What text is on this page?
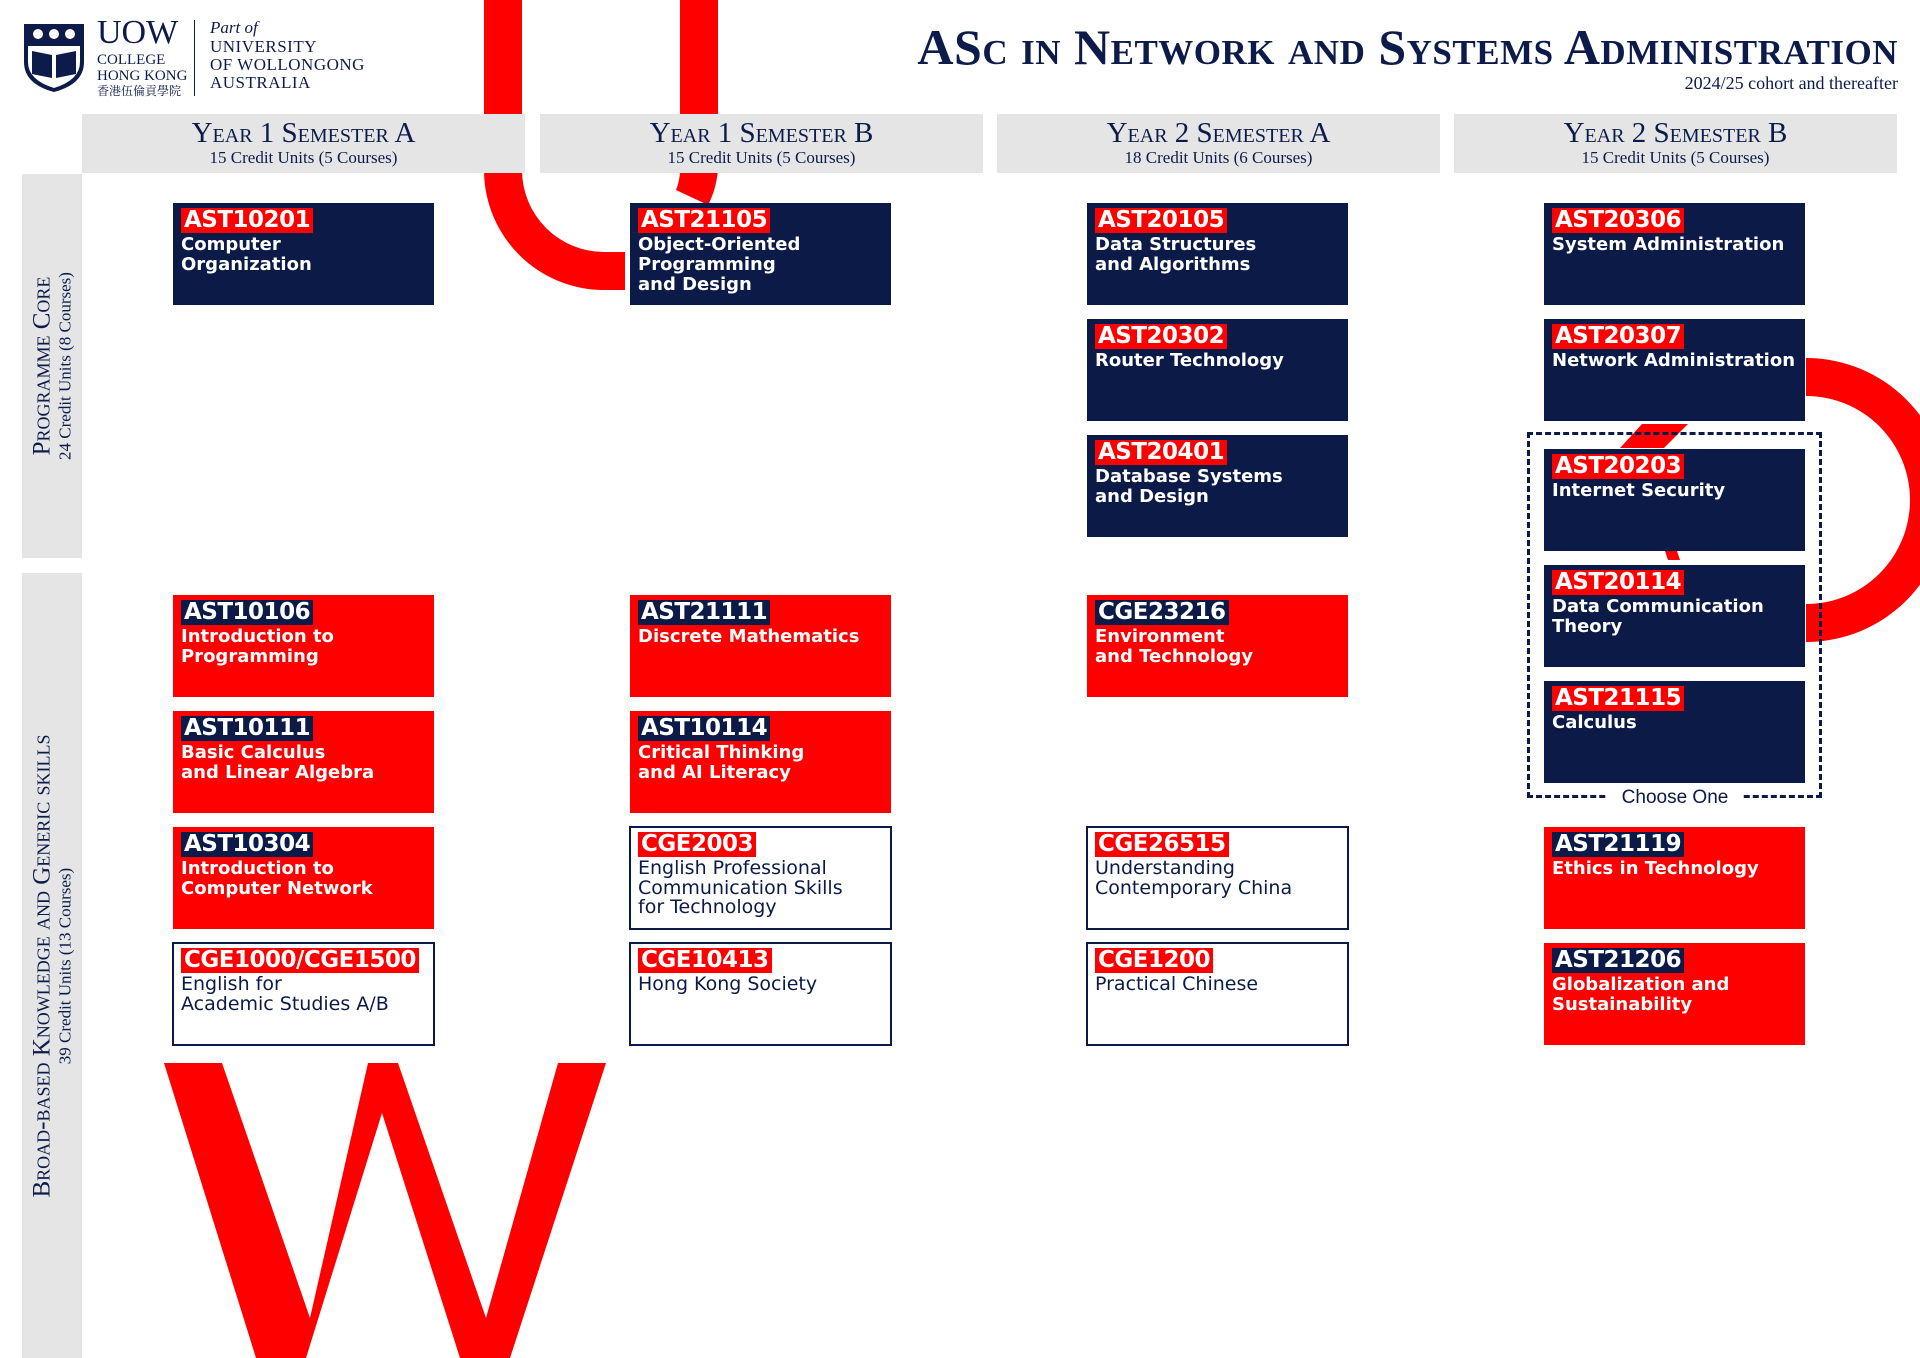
UOW
COLLEGE
HONG KONG
香港伍倫貢學院
Part of
UNIVERSITY
OF WOLLONGONG
AUSTRALIA
ASc in Network and Systems Administration
2024/25 cohort and thereafter
Year 1 Semester A
15 Credit Units (5 Courses)
Year 1 Semester B
15 Credit Units (5 Courses)
Year 2 Semester A
18 Credit Units (6 Courses)
Year 2 Semester B
15 Credit Units (5 Courses)
Programme Core 24 Credit Units (8 Courses)
Broad-based Knowledge and Generic skills 39 Credit Units (13 Courses)
Choose One
AST10201
Computer
Organization
AST21105
Object-Oriented
Programming
and Design
AST20105
Data Structures
and Algorithms
AST20302
Router Technology
AST20401
Database Systems
and Design
AST20306
System Administration
AST20307
Network Administration
AST20203
Internet Security
AST20114
Data Communication
Theory
AST21115
Calculus
AST10106
Introduction to
Programming
AST10111
Basic Calculus
and Linear Algebra
AST10304
Introduction to
Computer Network
CGE1000/CGE1500
English for
Academic Studies A/B
AST21111
Discrete Mathematics
AST10114
Critical Thinking
and AI Literacy
CGE2003
English Professional
Communication Skills
for Technology
CGE10413
Hong Kong Society
CGE23216
Environment
and Technology
CGE26515
Understanding
Contemporary China
CGE1200
Practical Chinese
AST21119
Ethics in Technology
AST21206
Globalization and
Sustainability
